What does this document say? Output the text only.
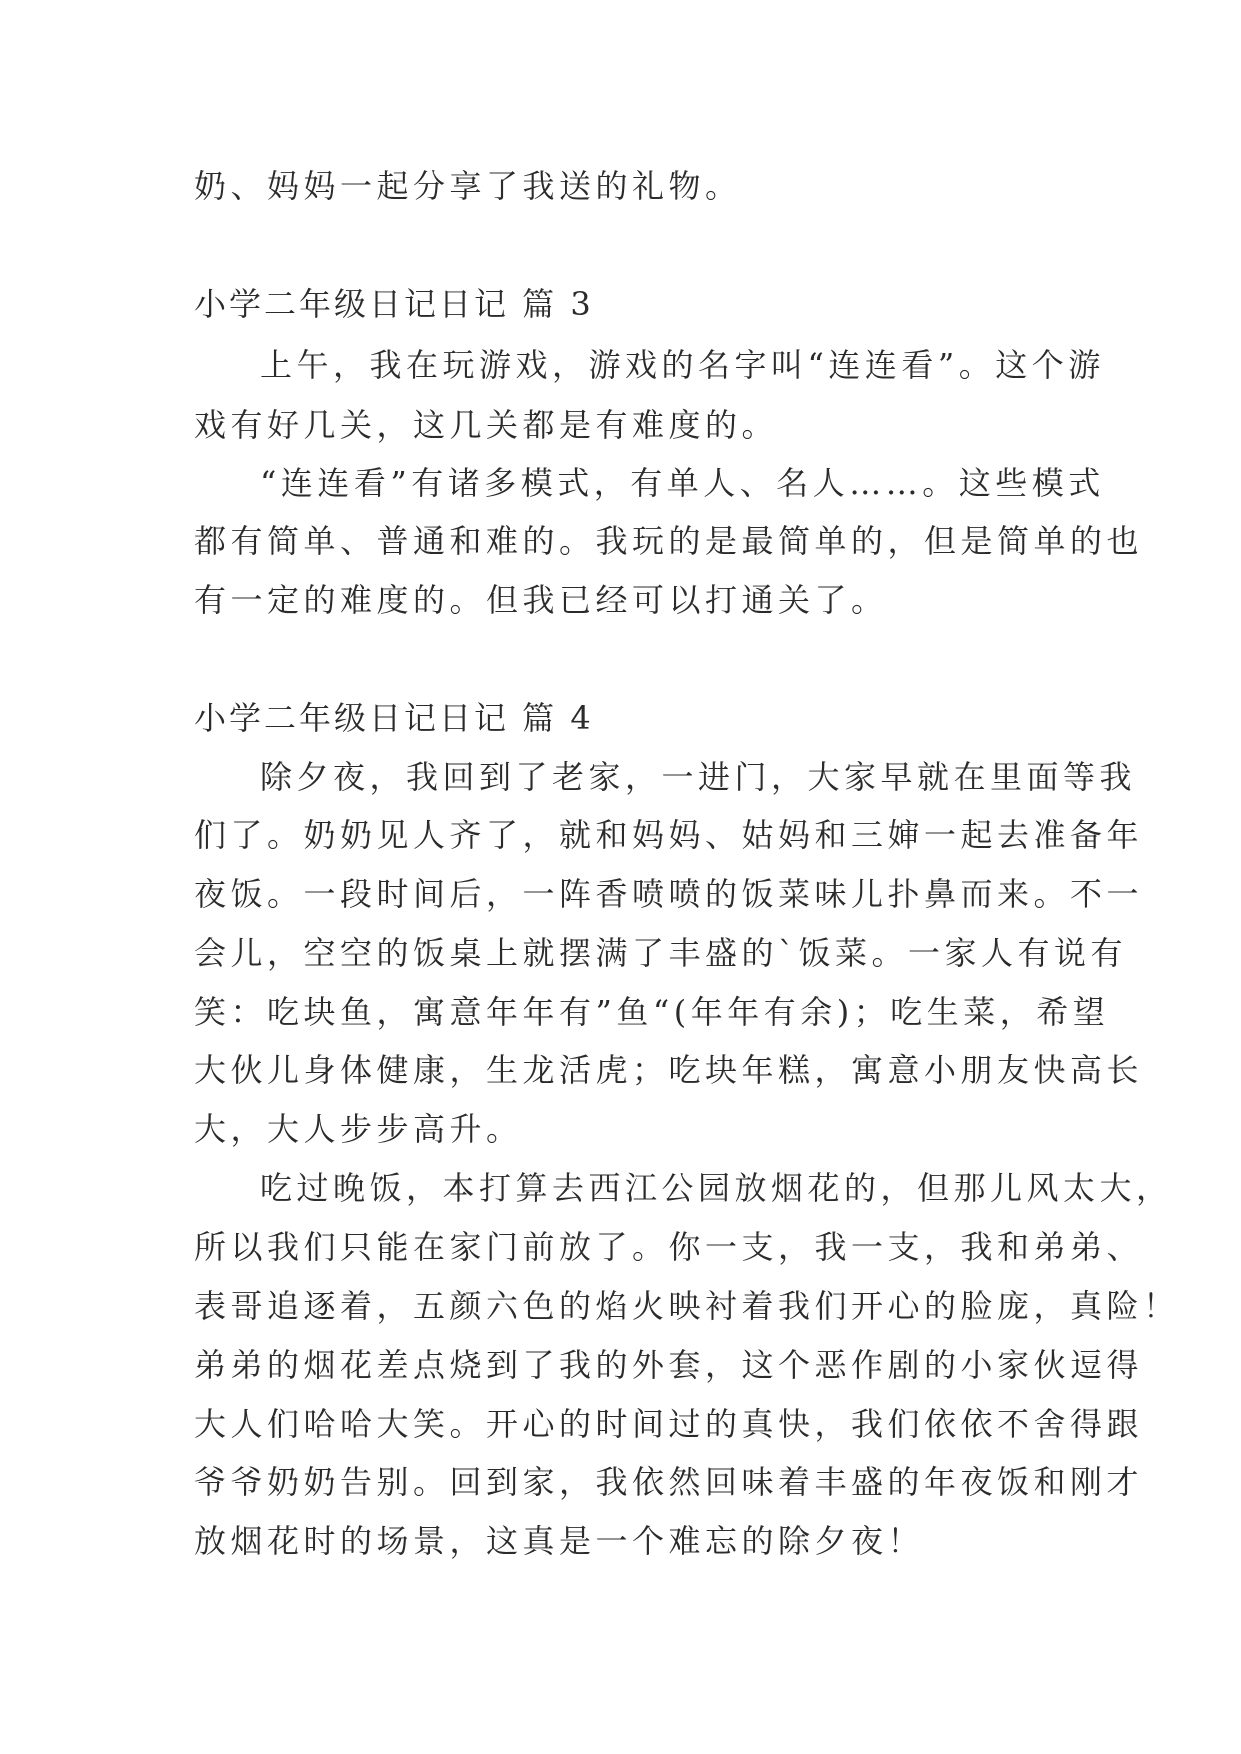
奶、妈妈一起分享了我送的礼物。
小学二年级日记日记 篇 3
上午，我在玩游戏，游戏的名字叫“连连看”。这个游
戏有好几关，这几关都是有难度的。
“连连看”有诸多模式，有单人、名人……。这些模式
都有简单、普通和难的。我玩的是最简单的，但是简单的也
有一定的难度的。但我已经可以打通关了。
小学二年级日记日记 篇 4
除夕夜，我回到了老家，一进门，大家早就在里面等我
们了。奶奶见人齐了，就和妈妈、姑妈和三婶一起去准备年
夜饭。一段时间后，一阵香喷喷的饭菜味儿扑鼻而来。不一
会儿，空空的饭桌上就摆满了丰盛的`饭菜。一家人有说有
笑：吃块鱼，寓意年年有”鱼“(年年有余)；吃生菜，希望
大伙儿身体健康，生龙活虎；吃块年糕，寓意小朋友快高长
大，大人步步高升。
吃过晚饭，本打算去西江公园放烟花的，但那儿风太大，
所以我们只能在家门前放了。你一支，我一支，我和弟弟、
表哥追逐着，五颜六色的焰火映衬着我们开心的脸庞，真险！
弟弟的烟花差点烧到了我的外套，这个恶作剧的小家伙逗得
大人们哈哈大笑。开心的时间过的真快，我们依依不舍得跟
爷爷奶奶告别。回到家，我依然回味着丰盛的年夜饭和刚才
放烟花时的场景，这真是一个难忘的除夕夜！
